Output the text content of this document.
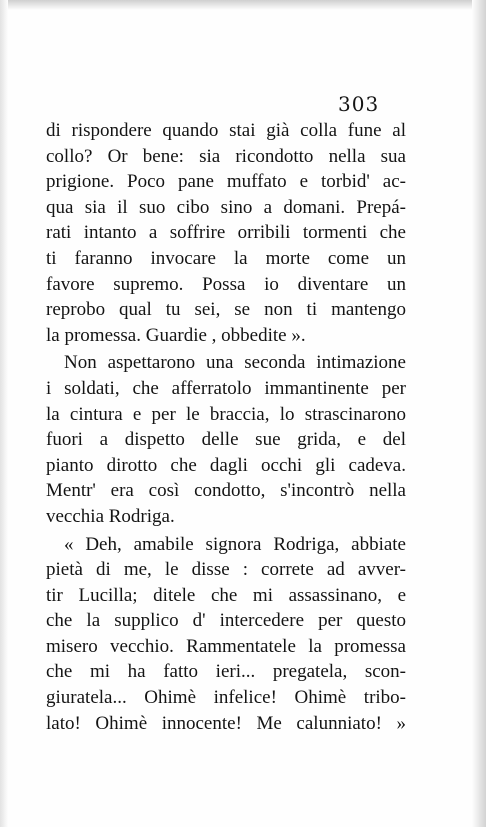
303
di rispondere quando stai già colla fune al
collo? Or bene: sia ricondotto nella sua
prigione. Poco pane muffato e torbid' ac-
qua sia il suo cibo sino a domani. Prepá-
rati intanto a soffrire orribili tormenti che
ti faranno invocare la morte come un
favore supremo. Possa io diventare un
reprobo qual tu sei, se non ti mantengo
la promessa. Guardie , obbedite ».
Non aspettarono una seconda intimazione
i soldati, che afferratolo immantinente per
la cintura e per le braccia, lo strascinarono
fuori a dispetto delle sue grida, e del
pianto dirotto che dagli occhi gli cadeva.
Mentr' era così condotto, s'incontrò nella
vecchia Rodriga.
« Deh, amabile signora Rodriga, abbiate
pietà di me, le disse : correte ad avver-
tir Lucilla; ditele che mi assassinano, e
che la supplico d' intercedere per questo
misero vecchio. Rammentatele la promessa
che mi ha fatto ieri... pregatela, scon-
giuratela... Ohimè infelice! Ohimè tribo-
lato! Ohimè innocente! Me calunniato! »
